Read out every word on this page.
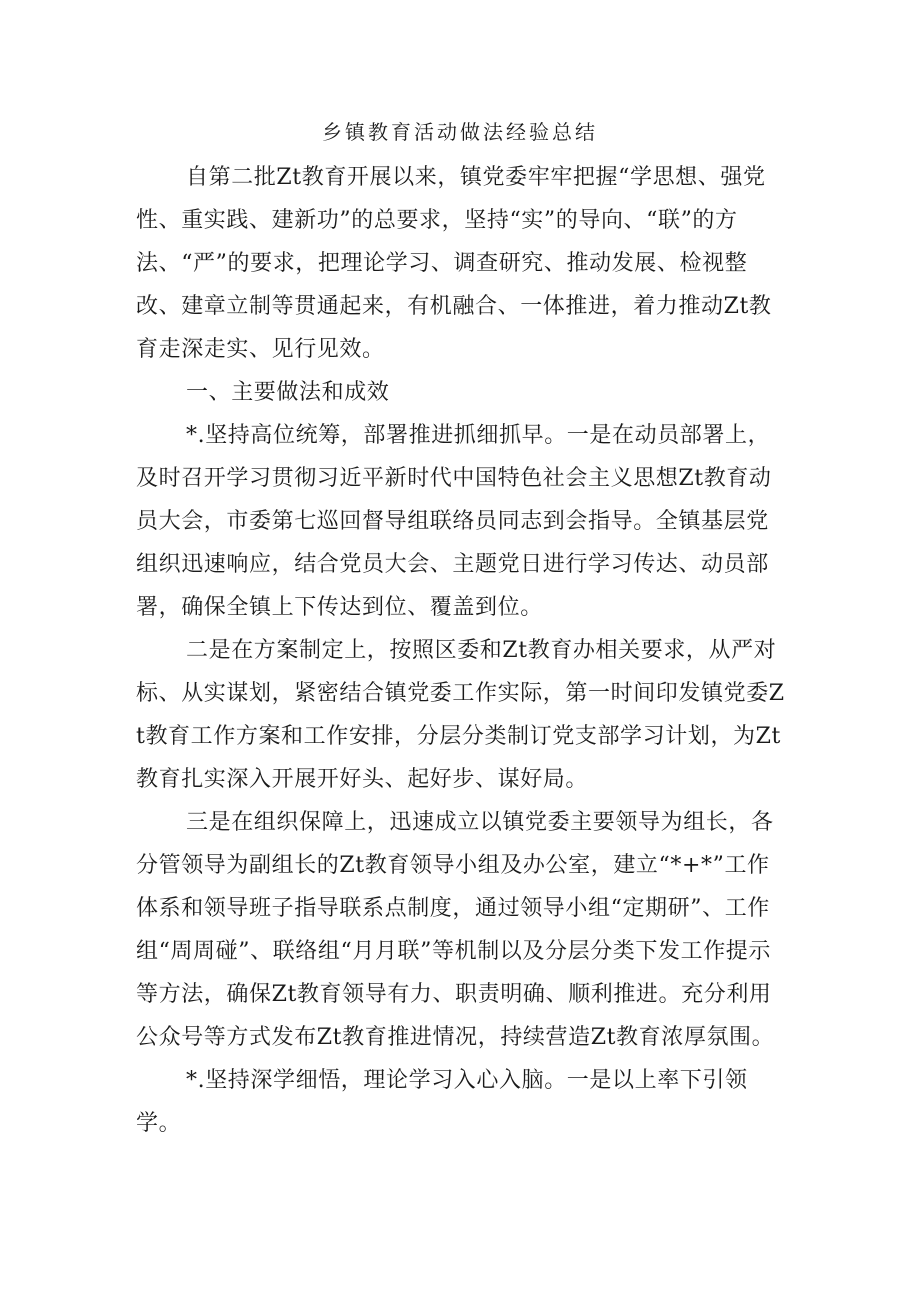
乡镇教育活动做法经验总结

自第二批Zt教育开展以来，镇党委牢牢把握“学思想、强党性、重实践、建新功”的总要求，坚持“实”的导向、“联”的方法、“严”的要求，把理论学习、调查研究、推动发展、检视整改、建章立制等贯通起来，有机融合、一体推进，着力推动Zt教育走深走实、见行见效。

一、主要做法和成效

*.坚持高位统筹，部署推进抓细抓早。一是在动员部署上，及时召开学习贯彻习近平新时代中国特色社会主义思想Zt教育动员大会，市委第七巡回督导组联络员同志到会指导。全镇基层党组织迅速响应，结合党员大会、主题党日进行学习传达、动员部署，确保全镇上下传达到位、覆盖到位。

二是在方案制定上，按照区委和Zt教育办相关要求，从严对标、从实谋划，紧密结合镇党委工作实际，第一时间印发镇党委Zt教育工作方案和工作安排，分层分类制订党支部学习计划，为Zt教育扎实深入开展开好头、起好步、谋好局。

三是在组织保障上，迅速成立以镇党委主要领导为组长，各分管领导为副组长的Zt教育领导小组及办公室，建立“*+*”工作体系和领导班子指导联系点制度，通过领导小组“定期研”、工作组“周周碰”、联络组“月月联”等机制以及分层分类下发工作提示等方法，确保Zt教育领导有力、职责明确、顺利推进。充分利用公众号等方式发布Zt教育推进情况，持续营造Zt教育浓厚氛围。

*.坚持深学细悟，理论学习入心入脑。一是以上率下引领学。
